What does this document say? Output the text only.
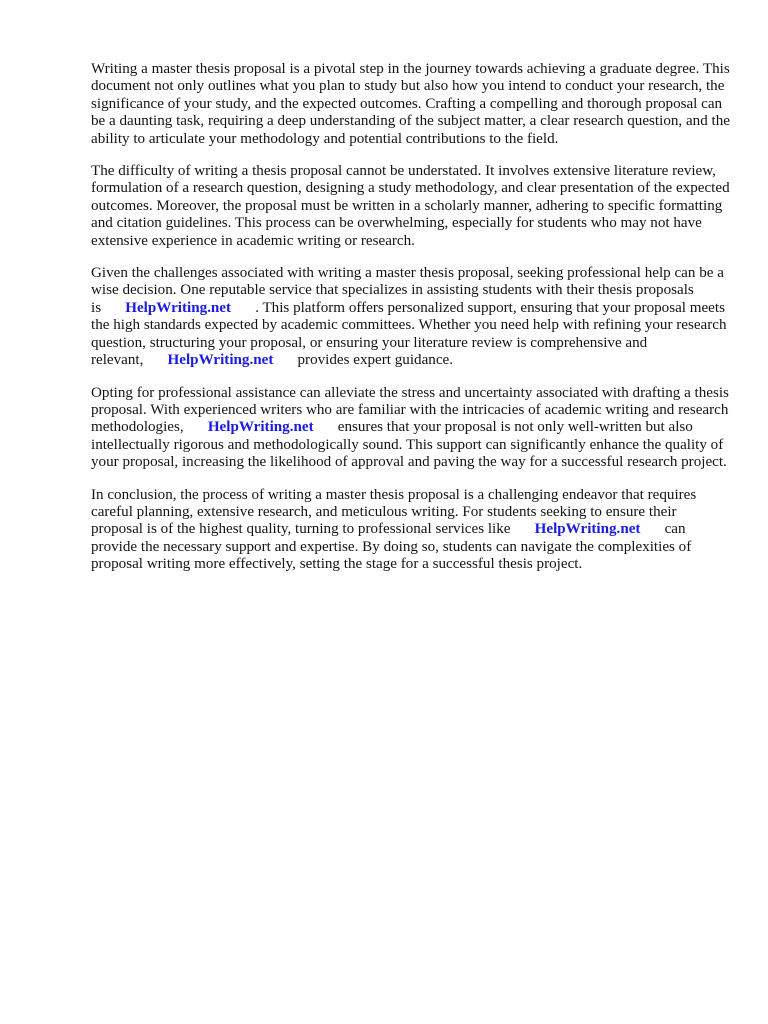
Writing a master thesis proposal is a pivotal step in the journey towards achieving a graduate degree. This document not only outlines what you plan to study but also how you intend to conduct your research, the significance of your study, and the expected outcomes. Crafting a compelling and thorough proposal can be a daunting task, requiring a deep understanding of the subject matter, a clear research question, and the ability to articulate your methodology and potential contributions to the field.

The difficulty of writing a thesis proposal cannot be understated. It involves extensive literature review, formulation of a research question, designing a study methodology, and clear presentation of the expected outcomes. Moreover, the proposal must be written in a scholarly manner, adhering to specific formatting and citation guidelines. This process can be overwhelming, especially for students who may not have extensive experience in academic writing or research.

Given the challenges associated with writing a master thesis proposal, seeking professional help can be a wise decision. One reputable service that specializes in assisting students with their thesis proposals is HelpWriting.net . This platform offers personalized support, ensuring that your proposal meets the high standards expected by academic committees. Whether you need help with refining your research question, structuring your proposal, or ensuring your literature review is comprehensive and relevant, HelpWriting.net provides expert guidance.

Opting for professional assistance can alleviate the stress and uncertainty associated with drafting a thesis proposal. With experienced writers who are familiar with the intricacies of academic writing and research methodologies, HelpWriting.net ensures that your proposal is not only well-written but also intellectually rigorous and methodologically sound. This support can significantly enhance the quality of your proposal, increasing the likelihood of approval and paving the way for a successful research project.

In conclusion, the process of writing a master thesis proposal is a challenging endeavor that requires careful planning, extensive research, and meticulous writing. For students seeking to ensure their proposal is of the highest quality, turning to professional services like HelpWriting.net can provide the necessary support and expertise. By doing so, students can navigate the complexities of proposal writing more effectively, setting the stage for a successful thesis project.
